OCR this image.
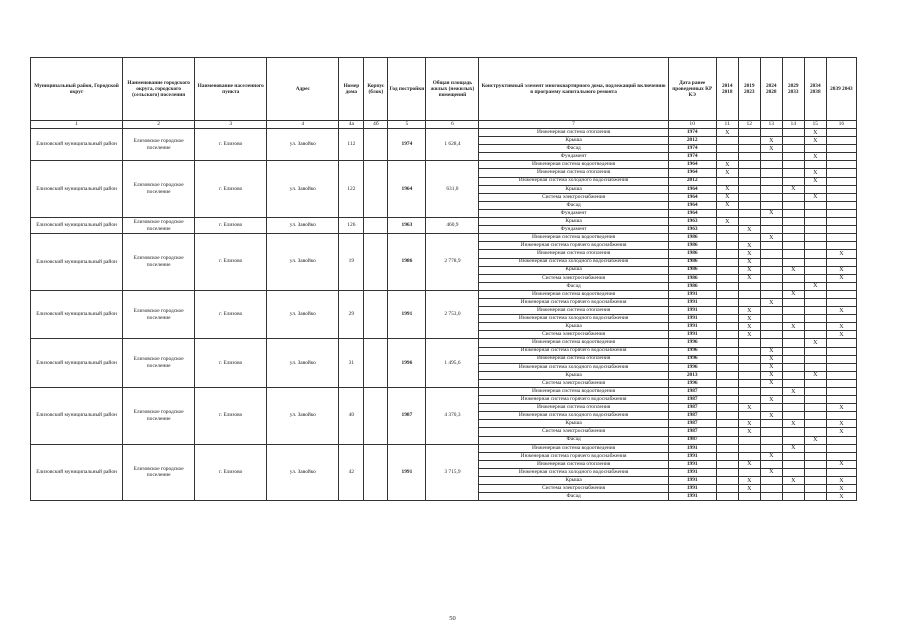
Муниципальный район, Городской округ	Наименование городского округа, городского (сельского) поселения	Наименование населенного пункта	Адрес	Номер дома	Корпус (блок)	Год постройки	Общая площадь жилых (нежилых) помещений	Конструктивный элемент многоквартирного дома, подлежащий включению в программу капитального ремонта	Дата ранее проведенных КР КЭ	2014 2018	2019 2023	2024 2028	2029 2033	2034 2038	2039 2043
1	2	3	4	4а	4б	5	6	7	10	11	12	13	14	15	16
Елизовский муниципальный район	Елизовское городское поселение	г. Елизово	ул. Завойко	112		1974	1 628,4	Инженерная система отопления	1974	X				X	
								Крыша	2012			X		X	
								Фасад	1974			X			
								Фундамент	1974					X	
Елизовский муниципальный район	Елизовское городское поселение	г. Елизово	ул. Завойко	122		1964	631,0	Инженерная система водоотведения	1964	X					
								Инженерная система отопления	1964	X				X	
								Инженерная система холодного водоснабжения	2012					X	
								Крыша	1964	X			X		
								Система электроснабжения	1964	X				X	
								Фасад	1964	X					
								Фундамент	1964			X			
Елизовский муниципальный район	Елизовское городское поселение	г. Елизово	ул. Завойко	126		1963	460,9	Крыша	1963	X					
								Фундамент	1963		X				
Елизовский муниципальный район	Елизовское городское поселение	г. Елизово	ул. Завойко	19		1986	2 778,9	Инженерная система водоотведения	1986			X			
								Инженерная система горячего водоснабжения	1986		X				
								Инженерная система отопления	1986		X				X
								Инженерная система холодного водоснабжения	1986		X				
								Крыша	1986		X		X		X
								Система электроснабжения	1986		X				X
								Фасад	1986					X	
Елизовский муниципальный район	Елизовское городское поселение	г. Елизово	ул. Завойко	29		1991	2 753,0	Инженерная система водоотведения	1991				X		
								Инженерная система горячего водоснабжения	1991			X			
								Инженерная система отопления	1991		X				X
								Инженерная система холодного водоснабжения	1991		X				
								Крыша	1991		X		X		X
								Система электроснабжения	1991		X				X
Елизовский муниципальный район	Елизовское городское поселение	г. Елизово	ул. Завойко	31		1996	1 495,6	Инженерная система водоотведения	1996					X	
								Инженерная система горячего водоснабжения	1996			X			
								Инженерная система отопления	1996			X			
								Инженерная система холодного водоснабжения	1996			X			
								Крыша	2013			X		X	
								Система электроснабжения	1996			X			
Елизовский муниципальный район	Елизовское городское поселение	г. Елизово	ул. Завойко	40		1987	4 370,3	Инженерная система водоотведения	1987				X		
								Инженерная система горячего водоснабжения	1987			X			
								Инженерная система отопления	1987		X				X
								Инженерная система холодного водоснабжения	1987			X			
								Крыша	1987		X		X		X
								Система электроснабжения	1987		X				X
								Фасад	1987					X	
Елизовский муниципальный район	Елизовское городское поселение	г. Елизово	ул. Завойко	42		1991	3 715,9	Инженерная система водоотведения	1991				X		
								Инженерная система горячего водоснабжения	1991			X			
								Инженерная система отопления	1991		X				X
								Инженерная система холодного водоснабжения	1991			X			
								Крыша	1991		X		X		X
								Система электроснабжения	1991		X				X
								Фасад	1991						X
50
